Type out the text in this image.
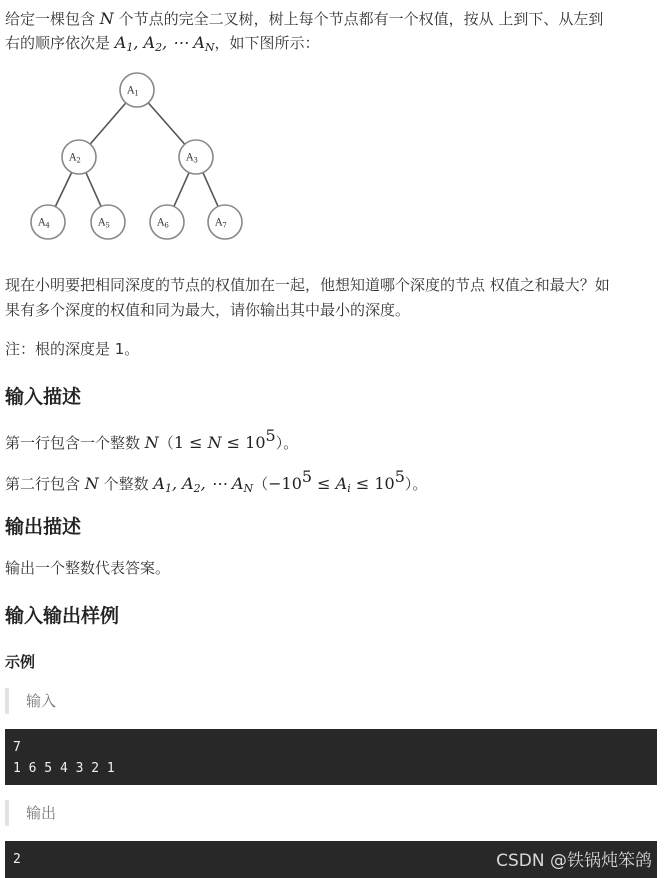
给定一棵包含 N 个节点的完全二叉树，树上每个节点都有一个权值，按从 上到下、从左到
右的顺序依次是 $A_1$, $A_2$, ⋯ $A_N$，如下图所示：
$A_1$
$A_2$	$A_3$
$A_4$	$A_5$	$A_6$	$A_7$
现在小明要把相同深度的节点的权值加在一起，他想知道哪个深度的节点 权值之和最大？如
果有多个深度的权值和同为最大，请你输出其中最小的深度。
注：根的深度是 1。
输入描述
第一行包含一个整数 $N(1 \le N \le 10^5)$。
第二行包含 N 个整数 $A_1$, $A_2$, ⋯ $A_N(-10^5 \le A_i \le 10^5)$。
输出描述
输出一个整数代表答案。
输入输出样例
示例
输入
7
1 6 5 4 3 2 1
输出
2	CSDN @铁锅炖笨鸽
